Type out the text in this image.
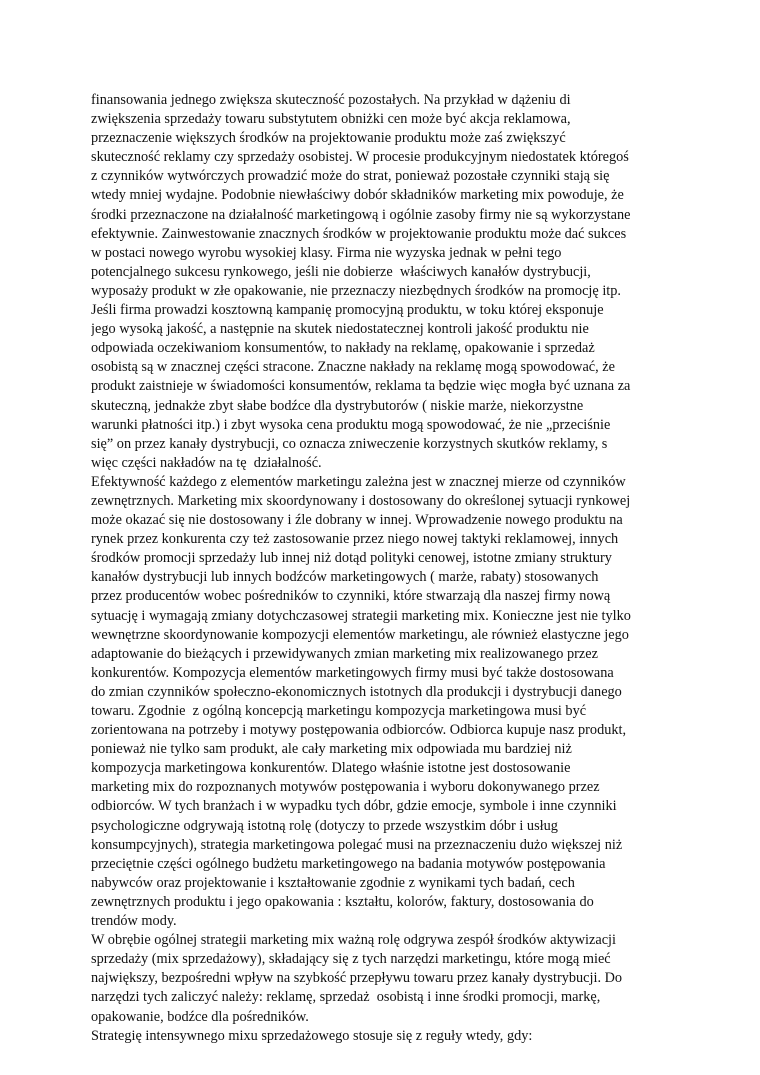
finansowania jednego zwiększa skuteczność pozostałych. Na przykład w dążeniu di
zwiększenia sprzedaży towaru substytutem obniżki cen może być akcja reklamowa,
przeznaczenie większych środków na projektowanie produktu może zaś zwiększyć
skuteczność reklamy czy sprzedaży osobistej. W procesie produkcyjnym niedostatek któregoś
z czynników wytwórczych prowadzić może do strat, ponieważ pozostałe czynniki stają się
wtedy mniej wydajne. Podobnie niewłaściwy dobór składników marketing mix powoduje, że
środki przeznaczone na działalność marketingową i ogólnie zasoby firmy nie są wykorzystane
efektywnie. Zainwestowanie znacznych środków w projektowanie produktu może dać sukces
w postaci nowego wyrobu wysokiej klasy. Firma nie wyzyska jednak w pełni tego
potencjalnego sukcesu rynkowego, jeśli nie dobierze  właściwych kanałów dystrybucji,
wyposaży produkt w złe opakowanie, nie przeznaczy niezbędnych środków na promocję itp.
Jeśli firma prowadzi kosztowną kampanię promocyjną produktu, w toku której eksponuje
jego wysoką jakość, a następnie na skutek niedostatecznej kontroli jakość produktu nie
odpowiada oczekiwaniom konsumentów, to nakłady na reklamę, opakowanie i sprzedaż
osobistą są w znacznej części stracone. Znaczne nakłady na reklamę mogą spowodować, że
produkt zaistnieje w świadomości konsumentów, reklama ta będzie więc mogła być uznana za
skuteczną, jednakże zbyt słabe bodźce dla dystrybutorów ( niskie marże, niekorzystne
warunki płatności itp.) i zbyt wysoka cena produktu mogą spowodować, że nie „przeciśnie
się” on przez kanały dystrybucji, co oznacza zniweczenie korzystnych skutków reklamy, s
więc części nakładów na tę  działalność.
Efektywność każdego z elementów marketingu zależna jest w znacznej mierze od czynników
zewnętrznych. Marketing mix skoordynowany i dostosowany do określonej sytuacji rynkowej
może okazać się nie dostosowany i źle dobrany w innej. Wprowadzenie nowego produktu na
rynek przez konkurenta czy też zastosowanie przez niego nowej taktyki reklamowej, innych
środków promocji sprzedaży lub innej niż dotąd polityki cenowej, istotne zmiany struktury
kanałów dystrybucji lub innych bodźców marketingowych ( marże, rabaty) stosowanych
przez producentów wobec pośredników to czynniki, które stwarzają dla naszej firmy nową
sytuację i wymagają zmiany dotychczasowej strategii marketing mix. Konieczne jest nie tylko
wewnętrzne skoordynowanie kompozycji elementów marketingu, ale również elastyczne jego
adaptowanie do bieżących i przewidywanych zmian marketing mix realizowanego przez
konkurentów. Kompozycja elementów marketingowych firmy musi być także dostosowana
do zmian czynników społeczno-ekonomicznych istotnych dla produkcji i dystrybucji danego
towaru. Zgodnie  z ogólną koncepcją marketingu kompozycja marketingowa musi być
zorientowana na potrzeby i motywy postępowania odbiorców. Odbiorca kupuje nasz produkt,
ponieważ nie tylko sam produkt, ale cały marketing mix odpowiada mu bardziej niż
kompozycja marketingowa konkurentów. Dlatego właśnie istotne jest dostosowanie
marketing mix do rozpoznanych motywów postępowania i wyboru dokonywanego przez
odbiorców. W tych branżach i w wypadku tych dóbr, gdzie emocje, symbole i inne czynniki
psychologiczne odgrywają istotną rolę (dotyczy to przede wszystkim dóbr i usług
konsumpcyjnych), strategia marketingowa polegać musi na przeznaczeniu dużo większej niż
przeciętnie części ogólnego budżetu marketingowego na badania motywów postępowania
nabywców oraz projektowanie i kształtowanie zgodnie z wynikami tych badań, cech
zewnętrznych produktu i jego opakowania : kształtu, kolorów, faktury, dostosowania do
trendów mody.
W obrębie ogólnej strategii marketing mix ważną rolę odgrywa zespół środków aktywizacji
sprzedaży (mix sprzedażowy), składający się z tych narzędzi marketingu, które mogą mieć
największy, bezpośredni wpływ na szybkość przepływu towaru przez kanały dystrybucji. Do
narzędzi tych zaliczyć należy: reklamę, sprzedaż  osobistą i inne środki promocji, markę,
opakowanie, bodźce dla pośredników.
Strategię intensywnego mixu sprzedażowego stosuje się z reguły wtedy, gdy:
